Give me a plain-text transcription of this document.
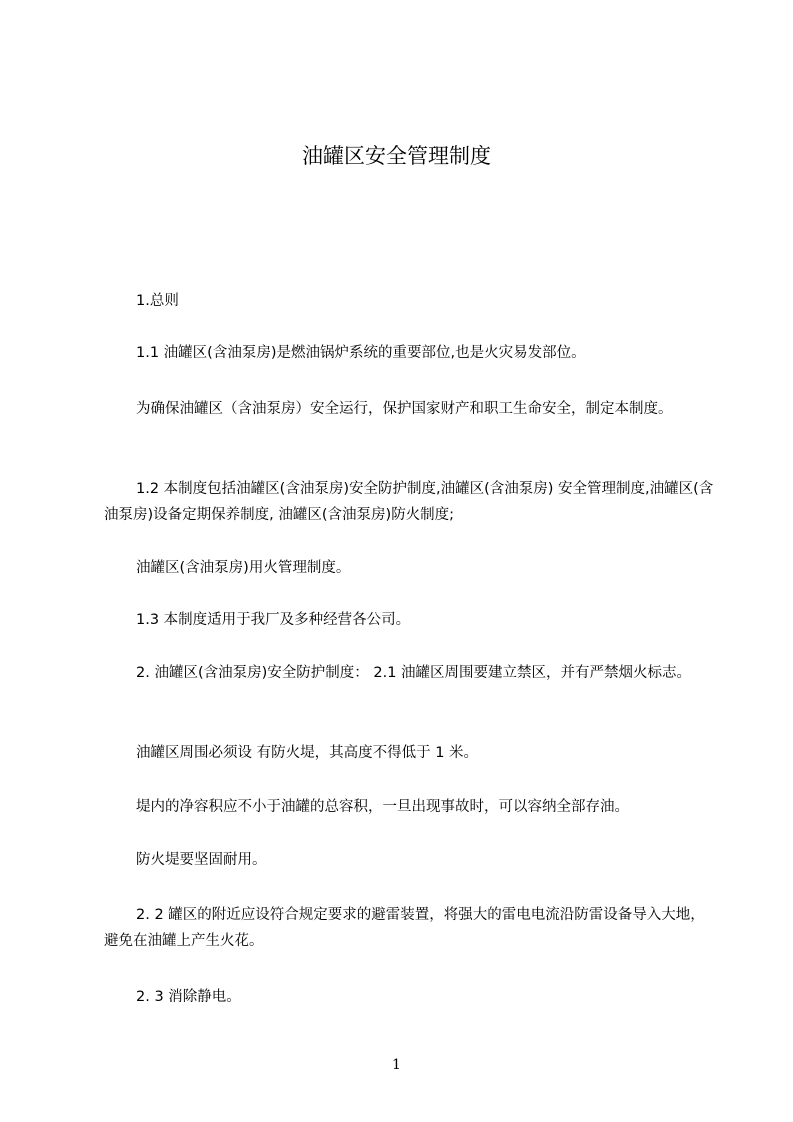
油罐区安全管理制度

1.总则

1.1 油罐区(含油泵房)是燃油锅炉系统的重要部位,也是火灾易发部位。

为确保油罐区（含油泵房）安全运行，保护国家财产和职工生命安全，制定本制度。

1.2 本制度包括油罐区(含油泵房)安全防护制度,油罐区(含油泵房) 安全管理制度,油罐区(含油泵房)设备定期保养制度, 油罐区(含油泵房)防火制度;

油罐区(含油泵房)用火管理制度。

1.3 本制度适用于我厂及多种经营各公司。

2. 油罐区(含油泵房)安全防护制度： 2.1 油罐区周围要建立禁区，并有严禁烟火标志。

油罐区周围必须设 有防火堤，其高度不得低于 1 米。

堤内的净容积应不小于油罐的总容积，一旦出现事故时，可以容纳全部存油。

防火堤要坚固耐用。

2. 2 罐区的附近应设符合规定要求的避雷装置，将强大的雷电电流沿防雷设备导入大地，避免在油罐上产生火花。

2. 3 消除静电。

1
